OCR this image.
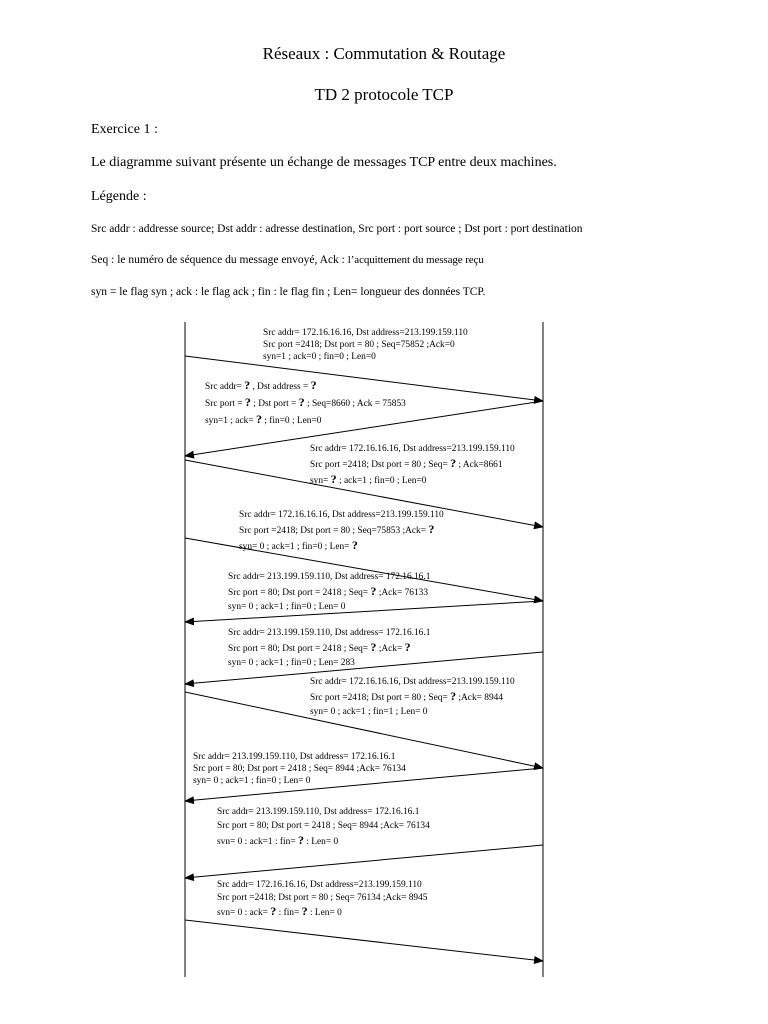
Réseaux : Commutation & Routage
TD 2 protocole TCP
Exercice 1 :
Le diagramme suivant présente un échange de messages TCP entre deux machines.
Légende :
Src addr : addresse source; Dst addr : adresse destination, Src port : port source ; Dst port : port destination
Seq : le numéro de séquence du message envoyé, Ack : l’acquittement du message reçu
syn = le flag syn ; ack : le flag ack ; fin : le flag fin ; Len= longueur des données TCP.
Src addr= 172.16.16.16, Dst address=213.199.159.110
Src port =2418; Dst port = 80 ; Seq=75852 ;Ack=0
syn=1 ; ack=0 ; fin=0 ; Len=0
Src addr= ? , Dst address = ?
Src port = ? ; Dst port = ? ; Seq=8660 ; Ack = 75853
syn=1 ; ack= ? ; fin=0 ; Len=0
Src addr= 172.16.16.16, Dst address=213.199.159.110
Src port =2418; Dst port = 80 ; Seq= ? ; Ack=8661
syn= ? ; ack=1 ; fin=0 ; Len=0
Src addr= 172.16.16.16, Dst address=213.199.159.110
Src port =2418; Dst port = 80 ; Seq=75853 ;Ack= ?
syn= 0 ; ack=1 ; fin=0 ; Len= ?
Src addr= 213.199.159.110, Dst address= 172.16.16.1
Src port = 80; Dst port = 2418 ; Seq= ? ;Ack= 76133
syn= 0 ; ack=1 ; fin=0 ; Len= 0
Src addr= 213.199.159.110, Dst address= 172.16.16.1
Src port = 80; Dst port = 2418 ; Seq= ? ;Ack= ?
syn= 0 ; ack=1 ; fin=0 ; Len= 283
Src addr= 172.16.16.16, Dst address=213.199.159.110
Src port =2418; Dst port = 80 ; Seq= ? ;Ack= 8944
syn= 0 ; ack=1 ; fin=1 ; Len= 0
Src addr= 213.199.159.110, Dst address= 172.16.16.1
Src port = 80; Dst port = 2418 ; Seq= 8944 ;Ack= 76134
syn= 0 ; ack=1 ; fin=0 ; Len= 0
Src addr= 213.199.159.110, Dst address= 172.16.16.1
Src port = 80; Dst port = 2418 ; Seq= 8944 ;Ack= 76134
svn= 0 : ack=1 : fin= ? : Len= 0
Src addr= 172.16.16.16, Dst address=213.199.159.110
Src port =2418; Dst port = 80 ; Seq= 76134 ;Ack= 8945
svn= 0 : ack= ? : fin= ? : Len= 0
